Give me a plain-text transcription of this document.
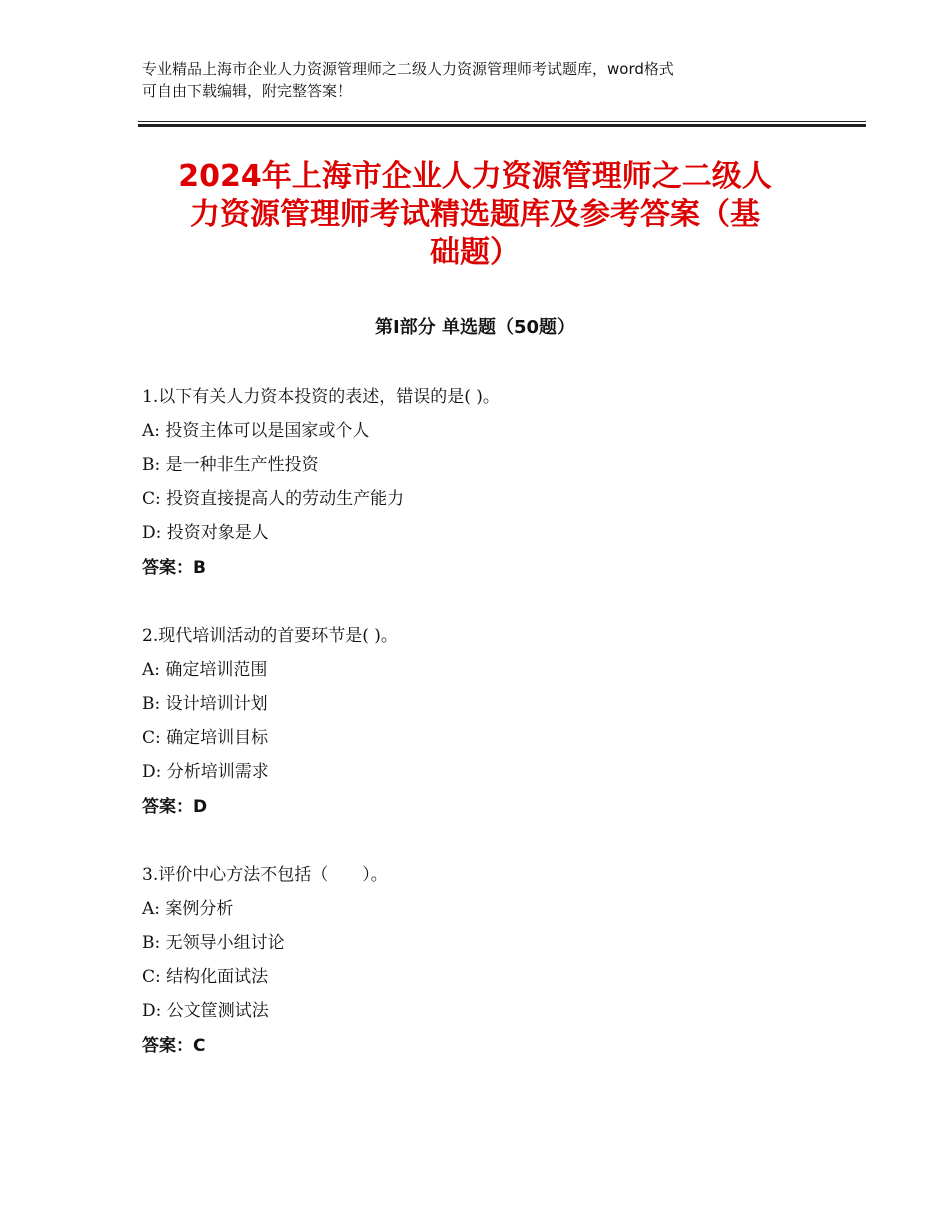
专业精品上海市企业人力资源管理师之二级人力资源管理师考试题库，word格式
可自由下载编辑，附完整答案！
2024年上海市企业人力资源管理师之二级人
力资源管理师考试精选题库及参考答案（基
础题）
第Ⅰ部分 单选题（50题）
1.以下有关人力资本投资的表述，错误的是( )。
A: 投资主体可以是国家或个人
B: 是一种非生产性投资
C: 投资直接提高人的劳动生产能力
D: 投资对象是人
答案：B
2.现代培训活动的首要环节是( )。
A: 确定培训范围
B: 设计培训计划
C: 确定培训目标
D: 分析培训需求
答案：D
3.评价中心方法不包括（　　）。
A: 案例分析
B: 无领导小组讨论
C: 结构化面试法
D: 公文筐测试法
答案：C
